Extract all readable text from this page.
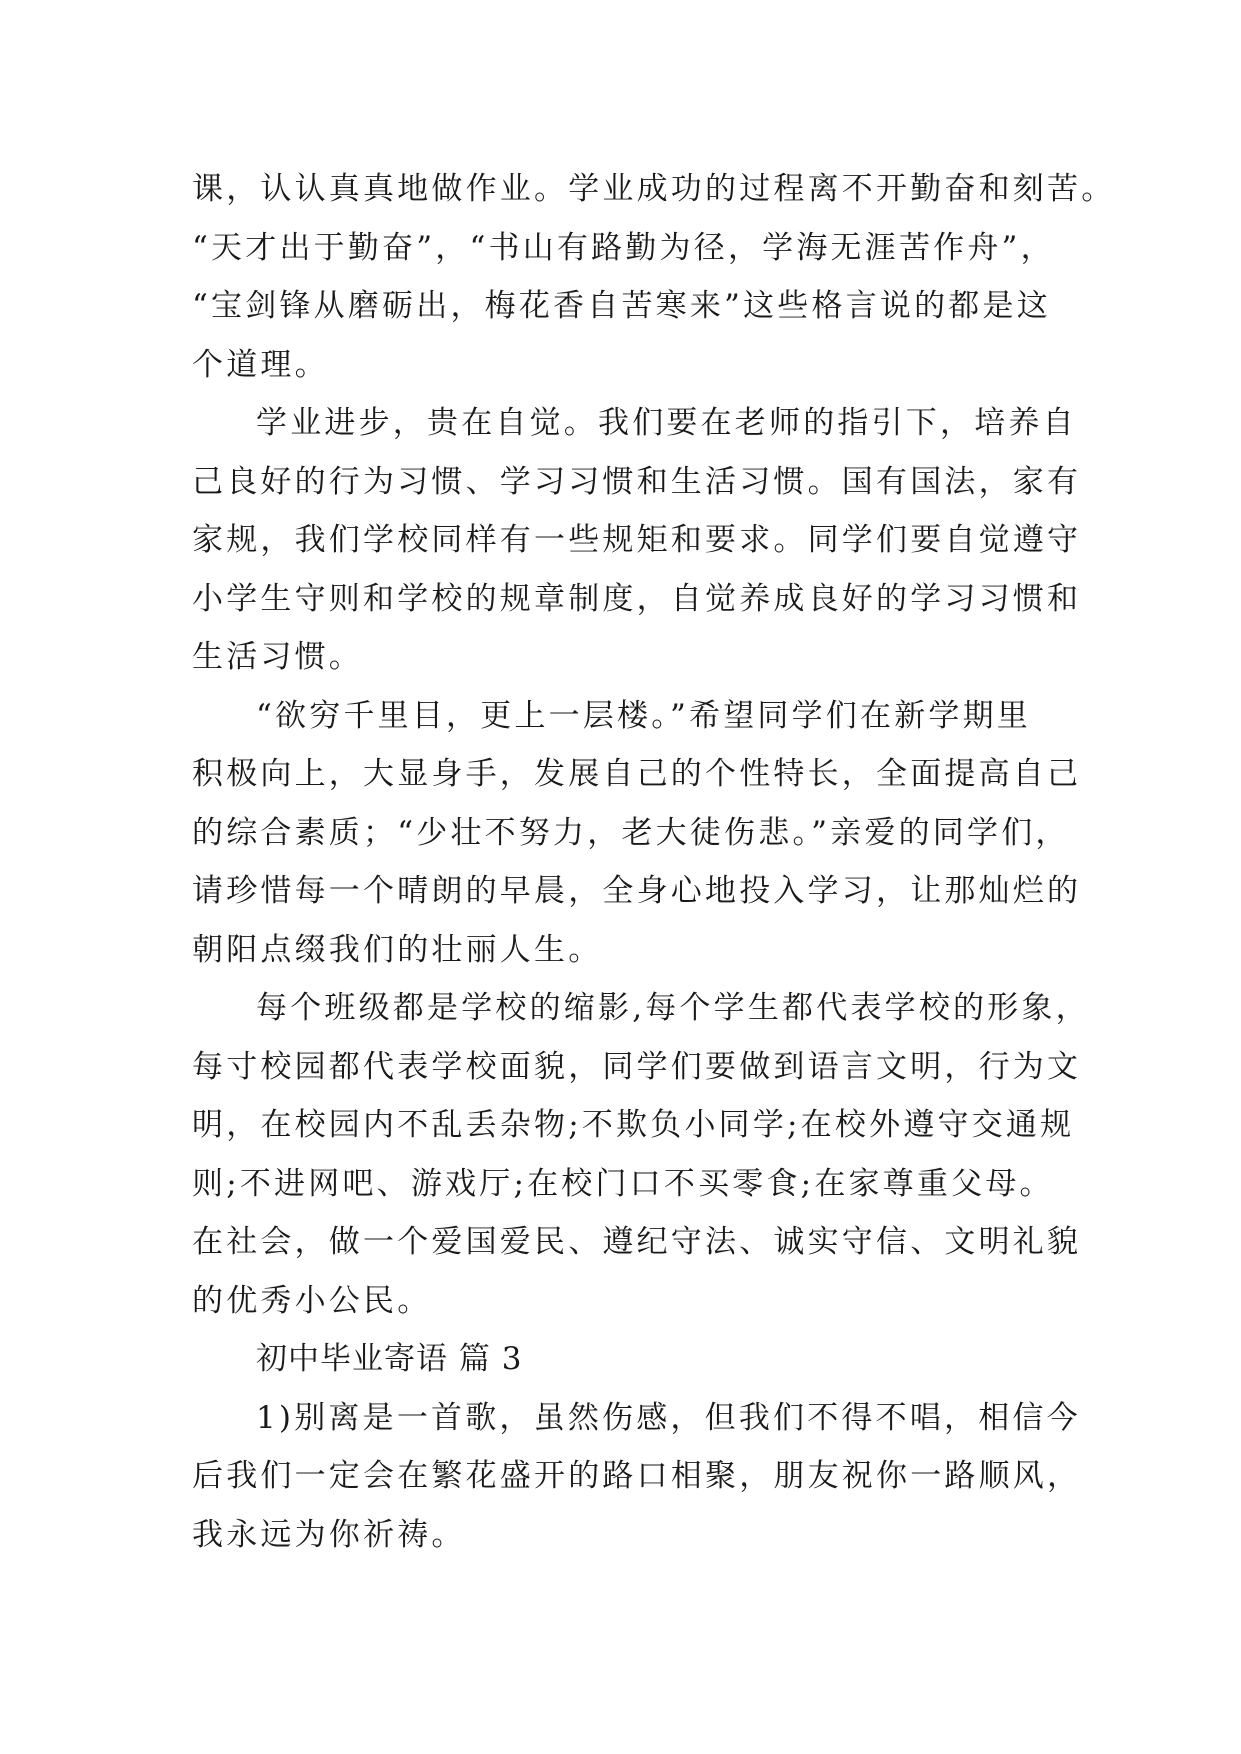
课，认认真真地做作业。学业成功的过程离不开勤奋和刻苦。
“天才出于勤奋”，“书山有路勤为径，学海无涯苦作舟”，
“宝剑锋从磨砺出，梅花香自苦寒来”这些格言说的都是这
个道理。
学业进步，贵在自觉。我们要在老师的指引下，培养自
己良好的行为习惯、学习习惯和生活习惯。国有国法，家有
家规，我们学校同样有一些规矩和要求。同学们要自觉遵守
小学生守则和学校的规章制度，自觉养成良好的学习习惯和
生活习惯。
“欲穷千里目，更上一层楼。”希望同学们在新学期里
积极向上，大显身手，发展自己的个性特长，全面提高自己
的综合素质；“少壮不努力，老大徒伤悲。”亲爱的同学们，
请珍惜每一个晴朗的早晨，全身心地投入学习，让那灿烂的
朝阳点缀我们的壮丽人生。
每个班级都是学校的缩影,每个学生都代表学校的形象，
每寸校园都代表学校面貌，同学们要做到语言文明，行为文
明，在校园内不乱丢杂物;不欺负小同学;在校外遵守交通规
则;不进网吧、游戏厅;在校门口不买零食;在家尊重父母。
在社会，做一个爱国爱民、遵纪守法、诚实守信、文明礼貌
的优秀小公民。
初中毕业寄语 篇 3
1)别离是一首歌，虽然伤感，但我们不得不唱，相信今
后我们一定会在繁花盛开的路口相聚，朋友祝你一路顺风，
我永远为你祈祷。
